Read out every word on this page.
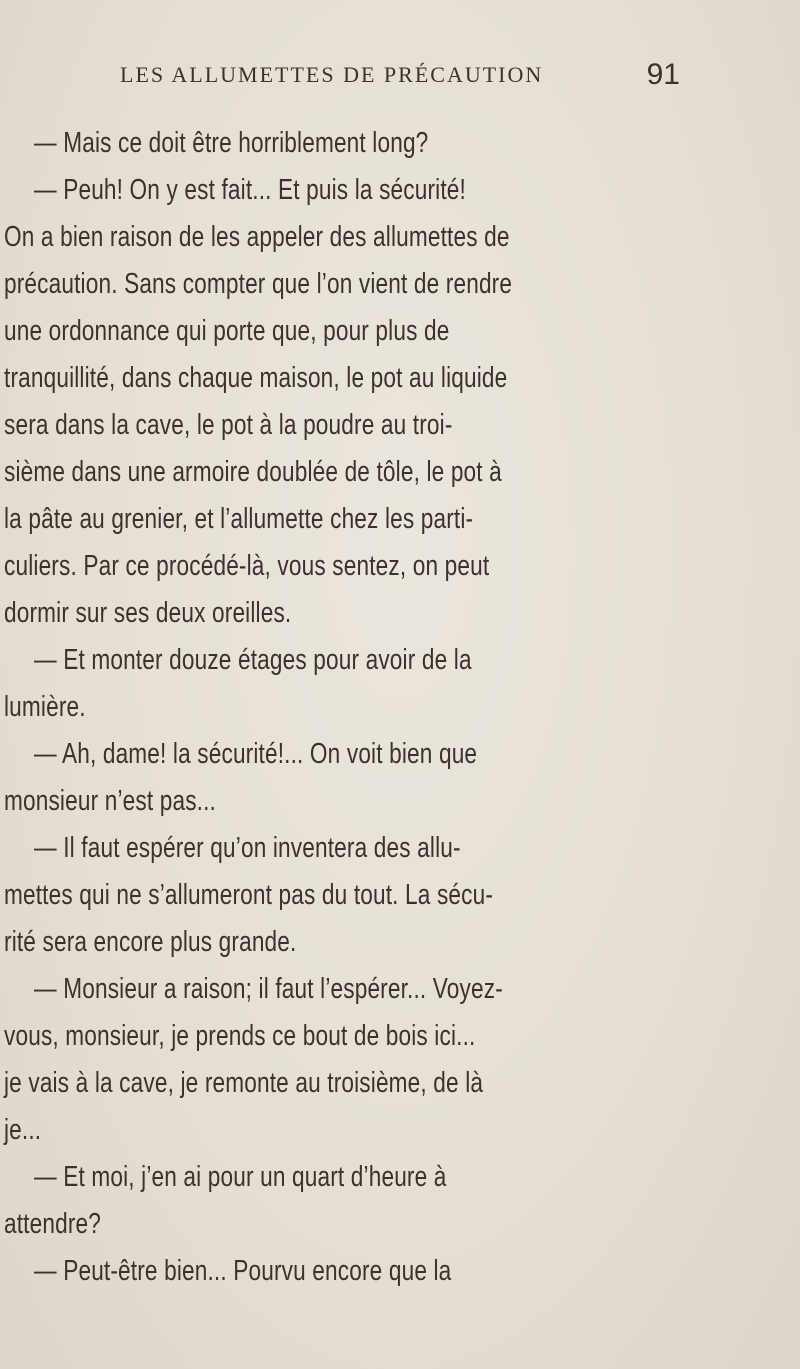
LES ALLUMETTES DE PRÉCAUTION	91
— Mais ce doit être horriblement long?
— Peuh! On y est fait... Et puis la sécurité!
On a bien raison de les appeler des allumettes de
précaution. Sans compter que l’on vient de rendre
une ordonnance qui porte que, pour plus de
tranquillité, dans chaque maison, le pot au liquide
sera dans la cave, le pot à la poudre au troi-
sième dans une armoire doublée de tôle, le pot à
la pâte au grenier, et l’allumette chez les parti-
culiers. Par ce procédé-là, vous sentez, on peut
dormir sur ses deux oreilles.
— Et monter douze étages pour avoir de la
lumière.
— Ah, dame! la sécurité!... On voit bien que
monsieur n’est pas...
— Il faut espérer qu’on inventera des allu-
mettes qui ne s’allumeront pas du tout. La sécu-
rité sera encore plus grande.
— Monsieur a raison; il faut l’espérer... Voyez-
vous, monsieur, je prends ce bout de bois ici...
je vais à la cave, je remonte au troisième, de là
je...
— Et moi, j’en ai pour un quart d’heure à
attendre?
— Peut-être bien... Pourvu encore que la
